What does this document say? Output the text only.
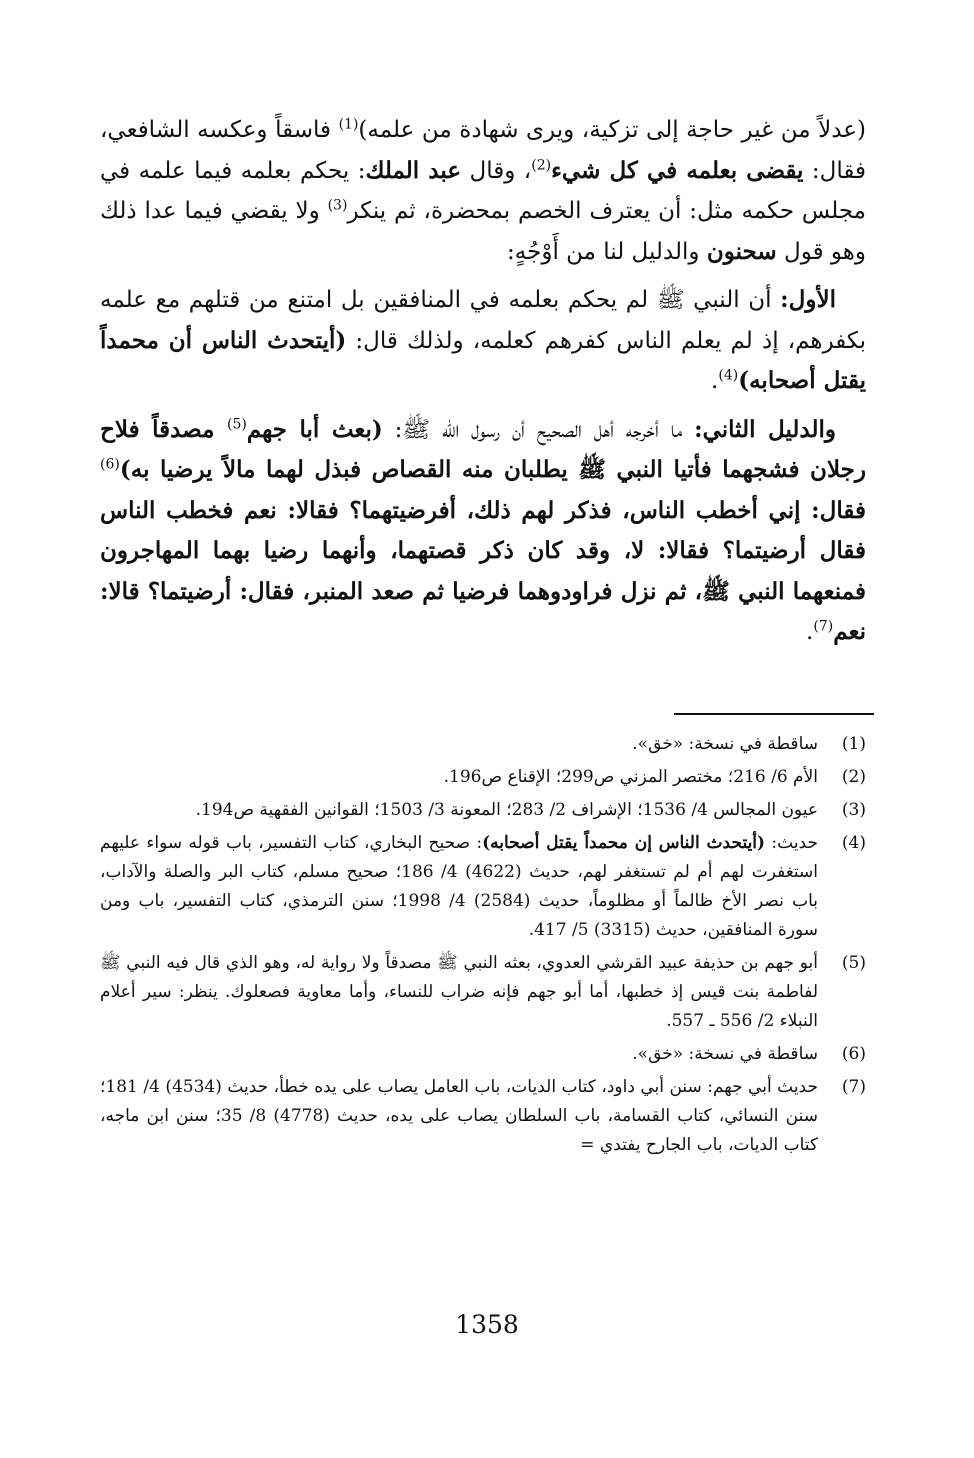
(عدلاً من غير حاجة إلى تزكية، ويرى شهادة من علمه)$^{(1)}$ فاسقاً وعكسه الشافعي، فقال: يقضى بعلمه في كل شيء$^{(2)}$، وقال عبد الملك: يحكم بعلمه فيما علمه في مجلس حكمه مثل: أن يعترف الخصم بمحضرة، ثم ينكر$^{(3)}$ ولا يقضي فيما عدا ذلك وهو قول سحنون والدليل لنا من أَوْجُهٍ:

الأول: أن النبي ﷺ لم يحكم بعلمه في المنافقين بل امتنع من قتلهم مع علمه بكفرهم، إذ لم يعلم الناس كفرهم كعلمه، ولذلك قال: (أيتحدث الناس أن محمداً يقتل أصحابه)$^{(4)}$.

والدليل الثاني: ما أخرجه أهل الصحيح أن رسول الله ﷺ: (بعث أبا جهم$^{(5)}$ مصدقاً فلاح رجلان فشجهما فأتيا النبي ﷺ يطلبان منه القصاص فبذل لهما مالاً يرضيا به)$^{(6)}$ فقال: إني أخطب الناس، فذكر لهم ذلك، أفرضيتهما؟ فقالا: نعم فخطب الناس فقال أرضيتما؟ فقالا: لا، وقد كان ذكر قصتهما، وأنهما رضيا بهما المهاجرون فمنعهما النبي ﷺ، ثم نزل فراودوهما فرضيا ثم صعد المنبر، فقال: أرضيتما؟ قالا: نعم$^{(7)}$.

(1)
ساقطة في نسخة: «خق».
(2)
الأم 6/ 216؛ مختصر المزني ص299؛ الإقناع ص196.
(3)
عيون المجالس 4/ 1536؛ الإشراف 2/ 283؛ المعونة 3/ 1503؛ القوانين الفقهية ص194.
(4)
حديث: (أيتحدث الناس إن محمداً يقتل أصحابه): صحيح البخاري، كتاب التفسير، باب قوله سواء عليهم استغفرت لهم أم لم تستغفر لهم، حديث (4622) 4/ 186؛ صحيح مسلم، كتاب البر والصلة والآداب، باب نصر الأخ ظالماً أو مظلوماً، حديث (2584) 4/ 1998؛ سنن الترمذي، كتاب التفسير، باب ومن سورة المنافقين، حديث (3315) 5/ 417.
(5)
أبو جهم بن حذيفة عبيد القرشي العدوي، بعثه النبي ﷺ مصدقاً ولا رواية له، وهو الذي قال فيه النبي ﷺ لفاطمة بنت قيس إذ خطبها، أما أبو جهم فإنه ضراب للنساء، وأما معاوية فصعلوك. ينظر: سير أعلام النبلاء 2/ 556 ـ 557.
(6)
ساقطة في نسخة: «خق».
(7)
حديث أبي جهم: سنن أبي داود، كتاب الديات، باب العامل يصاب على يده خطأ، حديث (4534) 4/ 181؛ سنن النسائي، كتاب القسامة، باب السلطان يصاب على يده، حديث (4778) 8/ 35؛ سنن ابن ماجه، كتاب الديات، باب الجارح يفتدي =
1358
